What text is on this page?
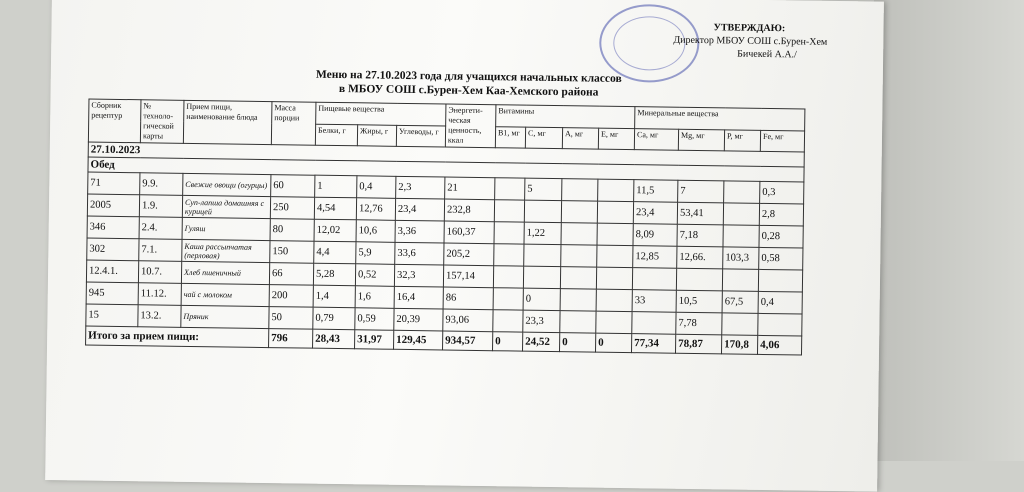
УТВЕРЖДАЮ:
Директор МБОУ СОШ с.Бурен-Хем
Бичекей А.А./
Меню на 27.10.2023 года для учащихся начальных классов
в МБОУ СОШ с.Бурен-Хем Каа-Хемского района
Сборник рецептур	№ техноло-гической карты	Прием пищи, наименование блюда	Масса порции	Пищевые вещества			Энергети-ческая ценность, ккал	Витамины				Минеральные вещества			
				Белки, г	Жиры, г	Углеводы, г		В1, мг	С, мг	А, мг	Е, мг	Са, мг	Mg, мг	Р, мг	Fe, мг
27.10.2023															
Обед															
71	9.9.	Свежие овощи (огурцы)	60	1	0,4	2,3	21		5			11,5	7		0,3
2005	1.9.	Суп-лапша домашняя с курицей	250	4,54	12,76	23,4	232,8					23,4	53,41		2,8
346	2.4.	Гуляш	80	12,02	10,6	3,36	160,37		1,22			8,09	7,18		0,28
302	7.1.	Каша рассыпчатая (перловая)	150	4,4	5,9	33,6	205,2					12,85	12,66.	103,3	0,58
12.4.1.	10.7.	Хлеб пшеничный	66	5,28	0,52	32,3	157,14								
945	11.12.	чай с молоком	200	1,4	1,6	16,4	86		0			33	10,5	67,5	0,4
15	13.2.	Пряник	50	0,79	0,59	20,39	93,06		23,3				7,78		
Итого за прием пищи:			796	28,43	31,97	129,45	934,57	0	24,52	0	0	77,34	78,87	170,8	4,06
